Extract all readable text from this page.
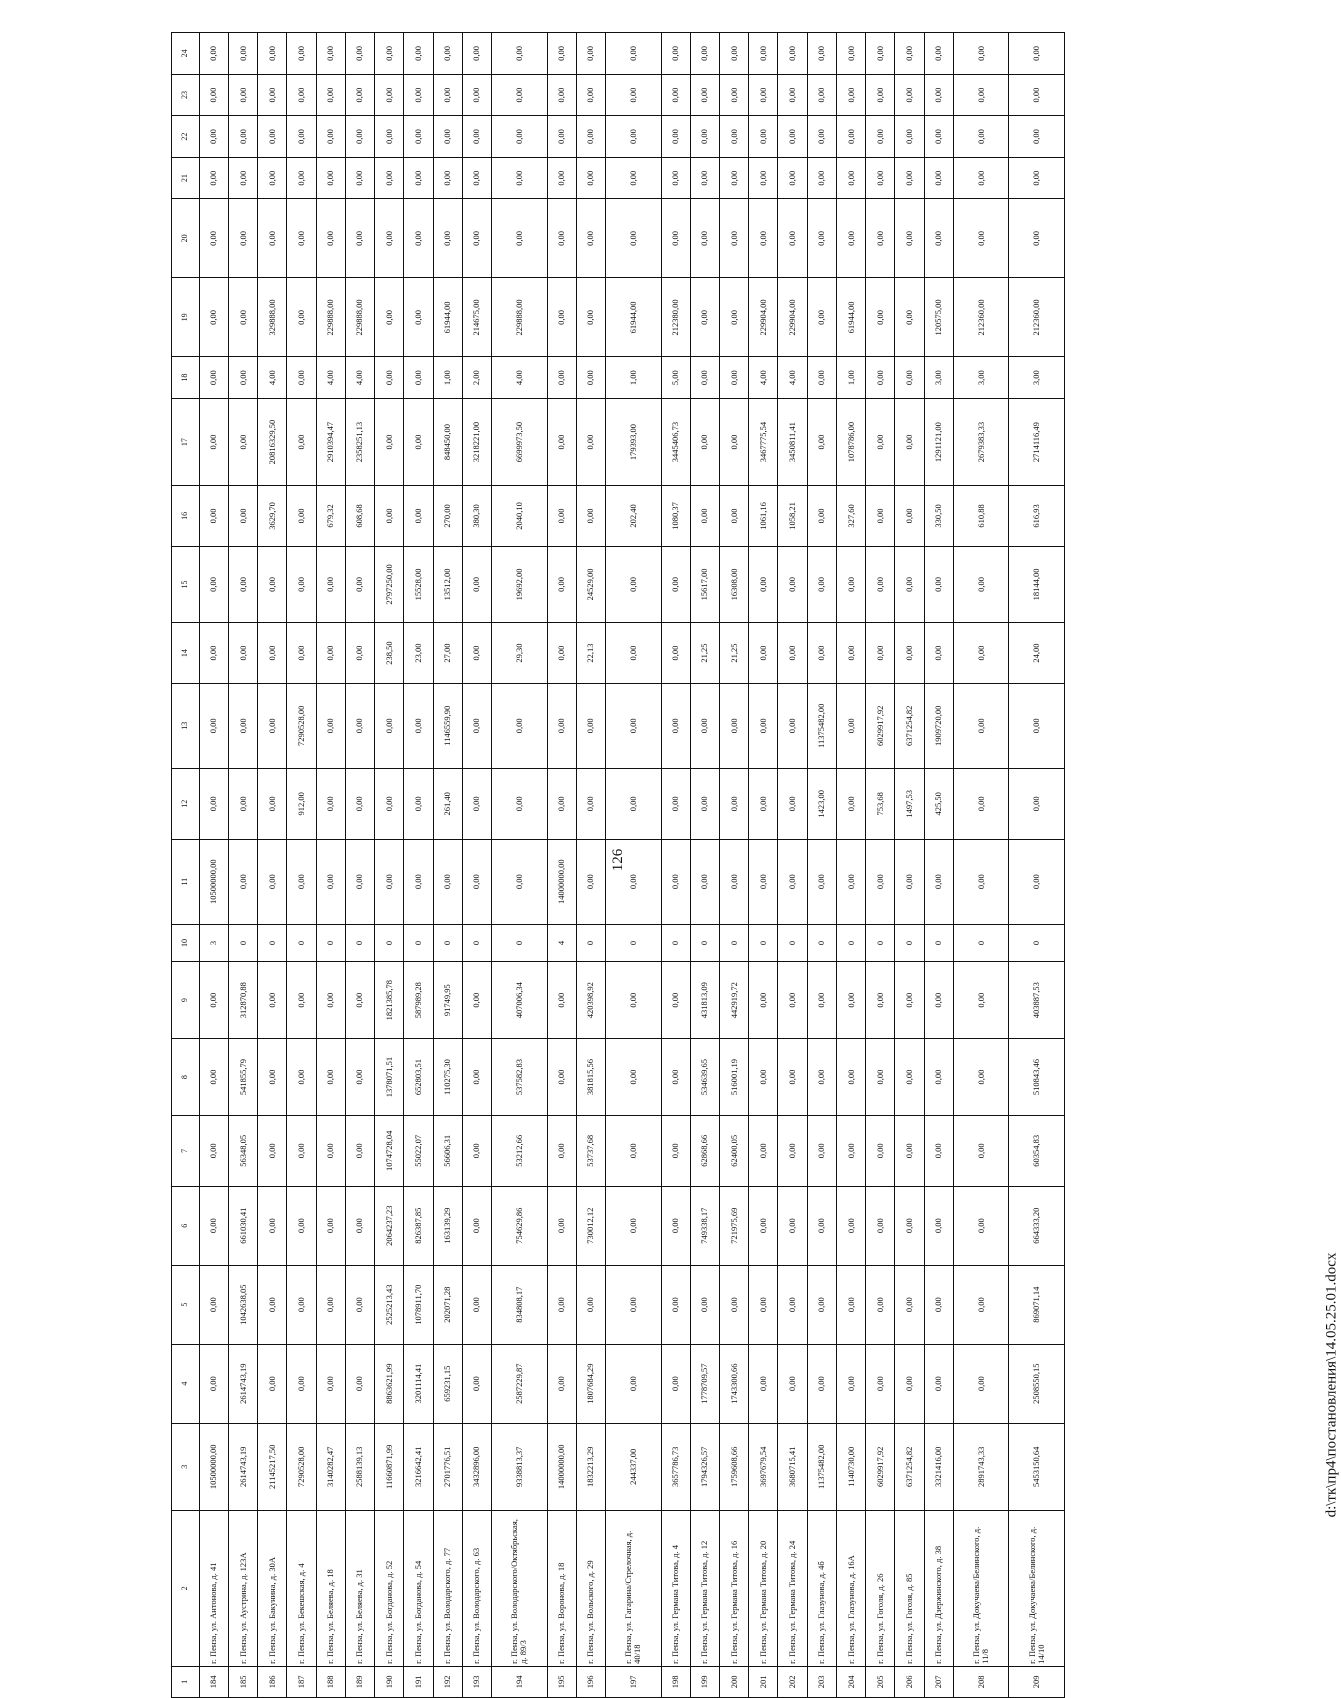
126
1	2	3	4	5	6	7	8	9	10	11	12	13	14	15	16	17	18	19	20	21	22	23	24
184	г. Пенза, ул. Антонова, д. 41	10500000,00	0,00	0,00	0,00	0,00	0,00	0,00	3	10500000,00	0,00	0,00	0,00	0,00	0,00	0,00	0,00	0,00	0,00	0,00	0,00	0,00	0,00
185	г. Пенза, ул. Аустрина, д. 123А	2614743,19	2614743,19	1042638,05	661030,41	56348,05	541855,79	312870,88	0	0,00	0,00	0,00	0,00	0,00	0,00	0,00	0,00	0,00	0,00	0,00	0,00	0,00	0,00
186	г. Пенза, ул. Бакунина, д. 30А	21145217,50	0,00	0,00	0,00	0,00	0,00	0,00	0	0,00	0,00	0,00	0,00	0,00	3629,70	20816329,50	4,00	329888,00	0,00	0,00	0,00	0,00	0,00
187	г. Пенза, ул. Бекешская, д. 4	7290528,00	0,00	0,00	0,00	0,00	0,00	0,00	0	0,00	912,00	7290528,00	0,00	0,00	0,00	0,00	0,00	0,00	0,00	0,00	0,00	0,00	0,00
188	г. Пенза, ул. Беляева, д. 18	3140282,47	0,00	0,00	0,00	0,00	0,00	0,00	0	0,00	0,00	0,00	0,00	0,00	679,32	2910394,47	4,00	229888,00	0,00	0,00	0,00	0,00	0,00
189	г. Пенза, ул. Беляева, д. 31	2588139,13	0,00	0,00	0,00	0,00	0,00	0,00	0	0,00	0,00	0,00	0,00	0,00	608,68	2358251,13	4,00	229888,00	0,00	0,00	0,00	0,00	0,00
190	г. Пенза, ул. Богданова, д. 52	11660871,99	8863621,99	2525213,43	2064237,23	1074728,04	1378071,51	1821385,78	0	0,00	0,00	0,00	238,50	2797250,00	0,00	0,00	0,00	0,00	0,00	0,00	0,00	0,00	0,00
191	г. Пенза, ул. Богданова, д. 54	3216642,41	3201114,41	1078911,70	826387,85	55022,07	652803,51	587989,28	0	0,00	0,00	0,00	23,00	15528,00	0,00	0,00	0,00	0,00	0,00	0,00	0,00	0,00	0,00
192	г. Пенза, ул. Володарского, д. 77	2701776,51	659231,15	202071,28	163139,29	56606,31	110275,30	91749,95	0	0,00	261,40	1146559,90	27,00	13512,00	270,00	848450,00	1,00	61944,00	0,00	0,00	0,00	0,00	0,00
193	г. Пенза, ул. Володарского, д. 63	3432896,00	0,00	0,00	0,00	0,00	0,00	0,00	0	0,00	0,00	0,00	0,00	0,00	380,30	3218221,00	2,00	214675,00	0,00	0,00	0,00	0,00	0,00
194	г. Пенза, ул. Володарского/Октябрьская, д. 89/3	9338813,37	2587229,87	834808,17	754629,86	53212,66	537582,83	407006,34	0	0,00	0,00	0,00	29,30	19692,00	2040,10	6699973,50	4,00	229888,00	0,00	0,00	0,00	0,00	0,00
195	г. Пенза, ул. Воронова, д. 18	14000000,00	0,00	0,00	0,00	0,00	0,00	0,00	4	14000000,00	0,00	0,00	0,00	0,00	0,00	0,00	0,00	0,00	0,00	0,00	0,00	0,00	0,00
196	г. Пенза, ул. Вольского, д. 29	1832213,29	1807684,29	0,00	730012,12	53737,68	381815,56	420398,92	0	0,00	0,00	0,00	22,13	24529,00	0,00	0,00	0,00	0,00	0,00	0,00	0,00	0,00	0,00
197	г. Пенза, ул. Гагарина/Стрелочная, д. 40/18	244337,00	0,00	0,00	0,00	0,00	0,00	0,00	0	0,00	0,00	0,00	0,00	0,00	202,40	179393,00	1,00	61944,00	0,00	0,00	0,00	0,00	0,00
198	г. Пенза, ул. Германа Титова, д. 4	3657786,73	0,00	0,00	0,00	0,00	0,00	0,00	0	0,00	0,00	0,00	0,00	0,00	1080,37	3445406,73	5,00	212380,00	0,00	0,00	0,00	0,00	0,00
199	г. Пенза, ул. Германа Титова, д. 12	1794326,57	1778709,57	0,00	749338,17	62868,66	534639,65	431813,09	0	0,00	0,00	0,00	21,25	15617,00	0,00	0,00	0,00	0,00	0,00	0,00	0,00	0,00	0,00
200	г. Пенза, ул. Германа Титова, д. 16	1759608,66	1743300,66	0,00	721975,69	62400,05	516001,19	442919,72	0	0,00	0,00	0,00	21,25	16308,00	0,00	0,00	0,00	0,00	0,00	0,00	0,00	0,00	0,00
201	г. Пенза, ул. Германа Титова, д. 20	3697679,54	0,00	0,00	0,00	0,00	0,00	0,00	0	0,00	0,00	0,00	0,00	0,00	1061,16	3467775,54	4,00	229904,00	0,00	0,00	0,00	0,00	0,00
202	г. Пенза, ул. Германа Титова, д. 24	3680715,41	0,00	0,00	0,00	0,00	0,00	0,00	0	0,00	0,00	0,00	0,00	0,00	1058,21	3450811,41	4,00	229904,00	0,00	0,00	0,00	0,00	0,00
203	г. Пенза, ул. Глазунова, д. 4б	11375482,00	0,00	0,00	0,00	0,00	0,00	0,00	0	0,00	1423,00	11375482,00	0,00	0,00	0,00	0,00	0,00	0,00	0,00	0,00	0,00	0,00	0,00
204	г. Пенза, ул. Глазунова, д. 16А	1140730,00	0,00	0,00	0,00	0,00	0,00	0,00	0	0,00	0,00	0,00	0,00	0,00	327,60	1078786,00	1,00	61944,00	0,00	0,00	0,00	0,00	0,00
205	г. Пенза, ул. Гоголя, д. 26	6029917,92	0,00	0,00	0,00	0,00	0,00	0,00	0	0,00	753,68	6029917,92	0,00	0,00	0,00	0,00	0,00	0,00	0,00	0,00	0,00	0,00	0,00
206	г. Пенза, ул. Гоголя, д. 85	6371254,82	0,00	0,00	0,00	0,00	0,00	0,00	0	0,00	1497,53	6371254,82	0,00	0,00	0,00	0,00	0,00	0,00	0,00	0,00	0,00	0,00	0,00
207	г. Пенза, ул. Дзержинского, д. 38	3321416,00	0,00	0,00	0,00	0,00	0,00	0,00	0	0,00	425,50	1909720,00	0,00	0,00	330,50	1291121,00	3,00	120575,00	0,00	0,00	0,00	0,00	0,00
208	г. Пенза, ул. Докучаева/Белинского, д. 11/8	2891743,33	0,00	0,00	0,00	0,00	0,00	0,00	0	0,00	0,00	0,00	0,00	0,00	610,88	2679383,33	3,00	212360,00	0,00	0,00	0,00	0,00	0,00
209	г. Пенза, ул. Докучаева/Белинского, д. 14/10	5453150,64	2508550,15	869071,14	664333,20	60354,83	510843,46	403887,53	0	0,00	0,00	0,00	24,00	18144,00	616,93	2714116,49	3,00	212360,00	0,00	0,00	0,00	0,00	0,00
d:\тк\пр4\постановления\14.05.25.01.docx
